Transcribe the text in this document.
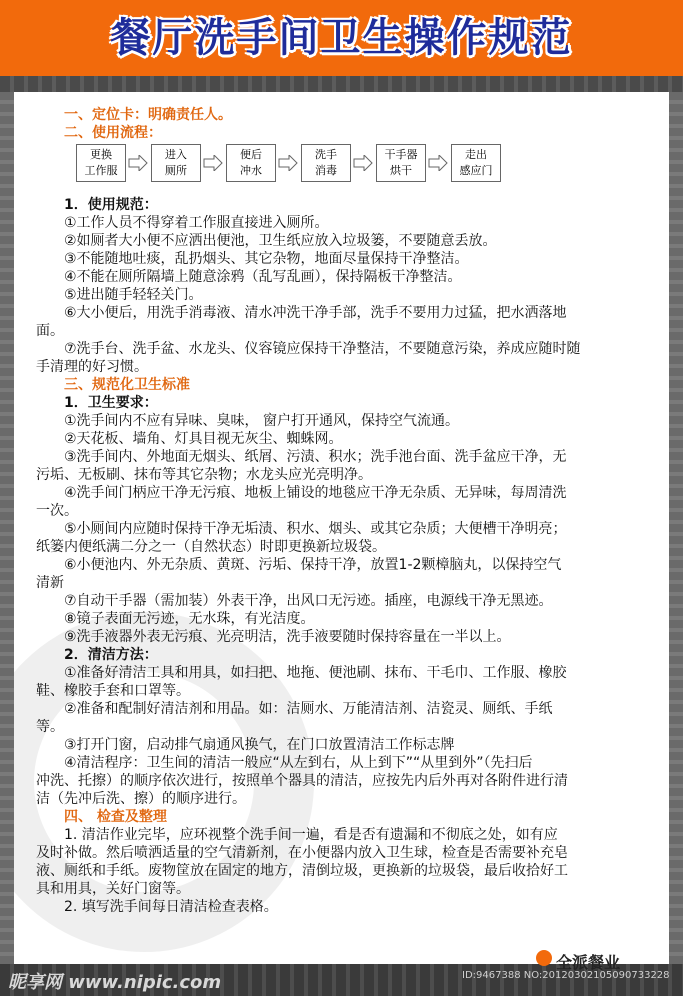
餐厅洗手间卫生操作规范
一、定位卡：明确责任人。
二、使用流程：
1．使用规范：
①工作人员不得穿着工作服直接进入厕所。
②如厕者大小便不应洒出便池，卫生纸应放入垃圾篓，不要随意丢放。
③不能随地吐痰，乱扔烟头、其它杂物，地面尽量保持干净整洁。
④不能在厕所隔墙上随意涂鸦（乱写乱画），保持隔板干净整洁。
⑤进出随手轻轻关门。
⑥大小便后，用洗手消毒液、清水冲洗干净手部，洗手不要用力过猛，把水洒落地
面。
⑦洗手台、洗手盆、水龙头、仪容镜应保持干净整洁，不要随意污染，养成应随时随
手清理的好习惯。
三、规范化卫生标准
1．卫生要求：
①洗手间内不应有异味、臭味， 窗户打开通风，保持空气流通。
②天花板、墙角、灯具目视无灰尘、蜘蛛网。
③洗手间内、外地面无烟头、纸屑、污渍、积水；洗手池台面、洗手盆应干净，无
污垢、无板刷、抹布等其它杂物；水龙头应光亮明净。
④洗手间门柄应干净无污痕、地板上铺设的地毯应干净无杂质、无异味，每周清洗
一次。
⑤小厕间内应随时保持干净无垢渍、积水、烟头、或其它杂质；大便槽干净明亮；
纸篓内便纸满二分之一（自然状态）时即更换新垃圾袋。
⑥小便池内、外无杂质、黄斑、污垢、保持干净，放置1-2颗樟脑丸，以保持空气
清新
⑦自动干手器（需加装）外表干净，出风口无污迹。插座，电源线干净无黑迹。
⑧镜子表面无污迹，无水珠，有光洁度。
⑨洗手液器外表无污痕、光亮明洁，洗手液要随时保持容量在一半以上。
2．清洁方法：
①准备好清洁工具和用具，如扫把、地拖、便池刷、抹布、干毛巾、工作服、橡胶
鞋、橡胶手套和口罩等。
②准备和配制好清洁剂和用品。如：洁厕水、万能清洁剂、洁瓷灵、厕纸、手纸
等。
③打开门窗，启动排气扇通风换气，在门口放置清洁工作标志牌
④清洁程序：卫生间的清洁一般应“从左到右，从上到下”“从里到外”（先扫后
冲洗、托擦）的顺序依次进行，按照单个器具的清洁，应按先内后外再对各附件进行清
洁（先冲后洗、擦）的顺序进行。
四、 检查及整理
1. 清洁作业完毕，应环视整个洗手间一遍，看是否有遗漏和不彻底之处，如有应
及时补做。然后喷洒适量的空气清新剂，在小便器内放入卫生球，检查是否需要补充皂
液、厕纸和手纸。废物筐放在固定的地方，清倒垃圾，更换新的垃圾袋，最后收拾好工
具和用具，关好门窗等。
2. 填写洗手间每日清洁检查表格。
更换
工作服
进入
厕所
便后
冲水
洗手
消毒
干手器
烘干
走出
感应门
昵享网 www.nipic.com	ID:9467388 NO:20120302105090733228
全派餐业
